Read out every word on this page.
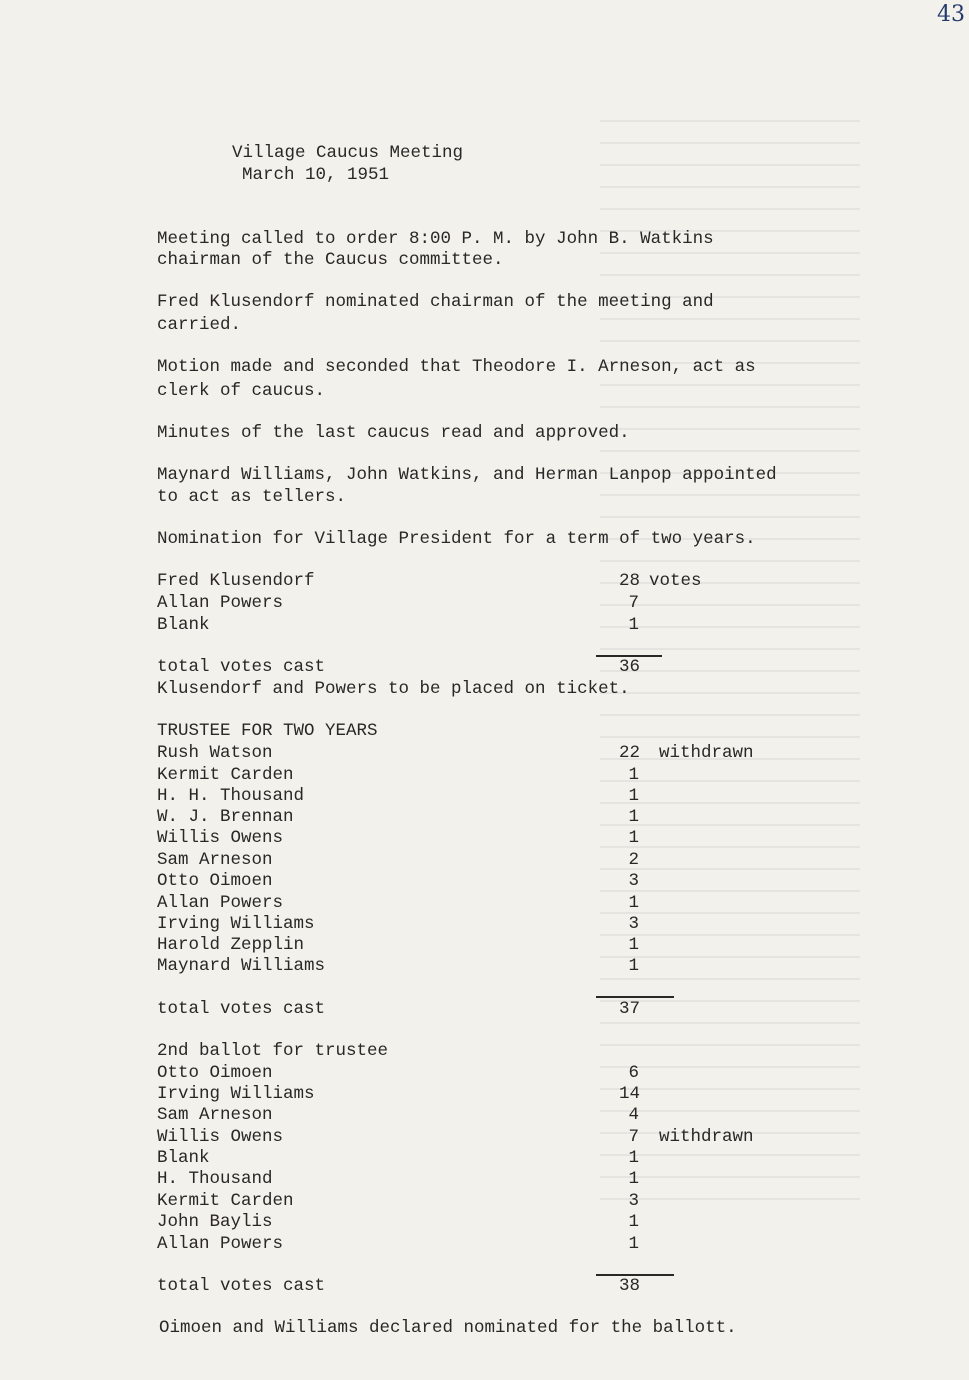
43
Village Caucus Meeting
March 10, 1951
Meeting called to order 8:00 P. M. by John B. Watkins
chairman of the Caucus committee.
Fred Klusendorf nominated chairman of the meeting and
carried.
Motion made and seconded that Theodore I. Arneson, act as
clerk of caucus.
Minutes of the last caucus read and approved.
Maynard Williams, John Watkins, and Herman Lanpop appointed
to act as tellers.
Nomination for Village President for a term of two years.
Fred Klusendorf	28 votes
Allan Powers	7
Blank	1
total votes cast	36
Klusendorf and Powers to be placed on ticket.
TRUSTEE FOR TWO YEARS
Rush Watson	22 withdrawn
Kermit Carden	1
H. H. Thousand	1
W. J. Brennan	1
Willis Owens	1
Sam Arneson	2
Otto Oimoen	3
Allan Powers	1
Irving Williams	3
Harold Zepplin	1
Maynard Williams	1
total votes cast	37
2nd ballot for trustee
Otto Oimoen	6
Irving Williams	14
Sam Arneson	4
Willis Owens	7 withdrawn
Blank	1
H. Thousand	1
Kermit Carden	3
John Baylis	1
Allan Powers	1
total votes cast	38
Oimoen and Williams declared nominated for the ballott.
